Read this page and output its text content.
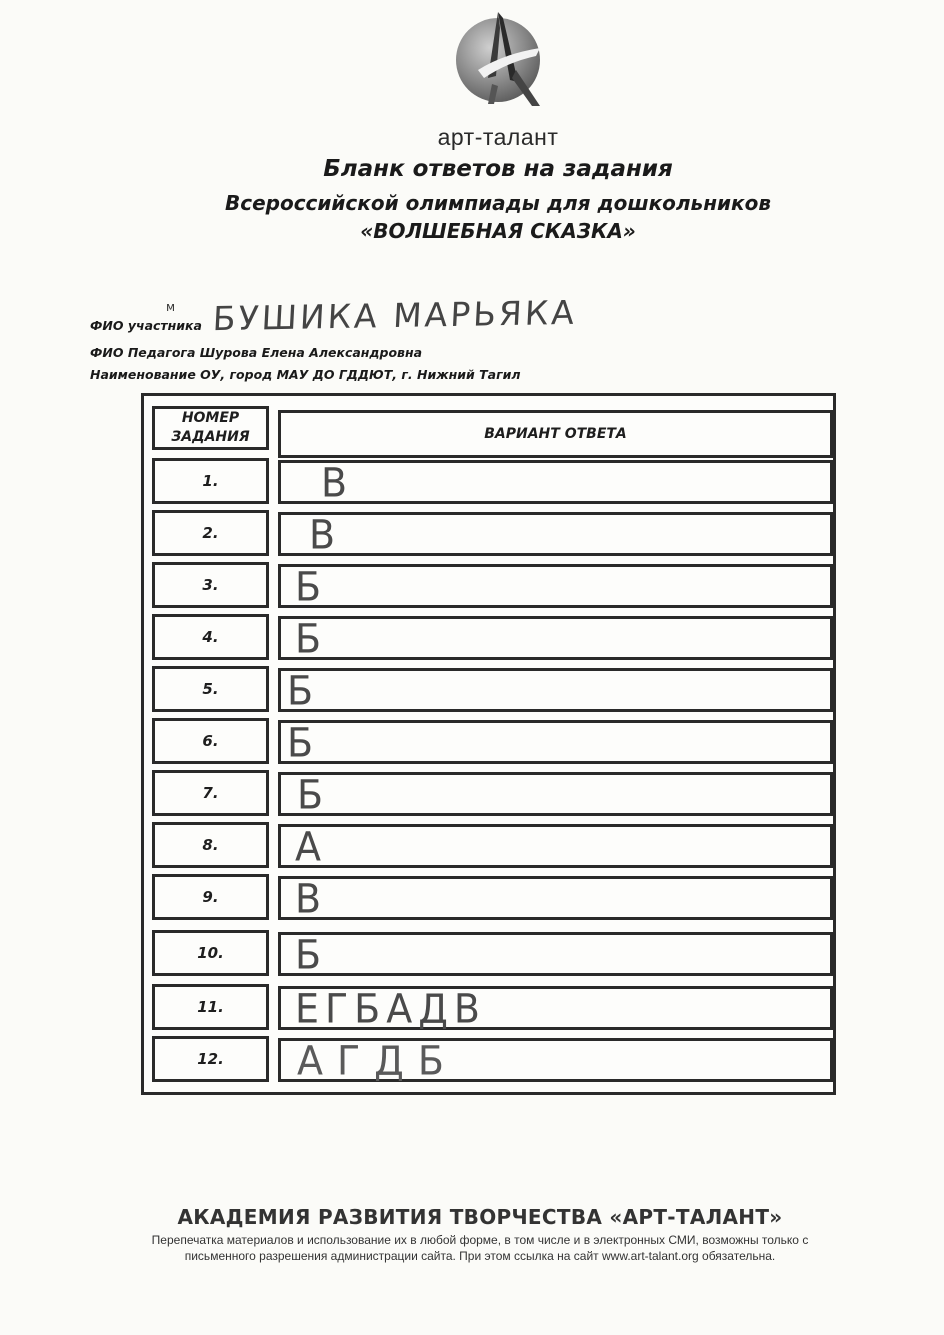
арт-талант
Бланк ответов на задания
Всероссийской олимпиады для дошкольников
«ВОЛШЕБНАЯ СКАЗКА»
м БУШИКА МАРЬЯКА
ФИО участника
ФИО Педагога Шурова Елена Александровна
Наименование ОУ, город МАУ ДО ГДДЮТ, г. Нижний Тагил
НОМЕР ЗАДАНИЯ	ВАРИАНТ ОТВЕТА
1.	В
2.	В
3.	Б
4.	Б
5.	Б
6.	Б
7.	Б
8.	А
9.	В
10.	Б
11.	ЕГБАДВ
12.	АГДБ
АКАДЕМИЯ РАЗВИТИЯ ТВОРЧЕСТВА «АРТ-ТАЛАНТ»
Перепечатка материалов и использование их в любой форме, в том числе и в электронных СМИ, возможны только с
письменного разрешения администрации сайта. При этом ссылка на сайт www.art-talant.org обязательна.
